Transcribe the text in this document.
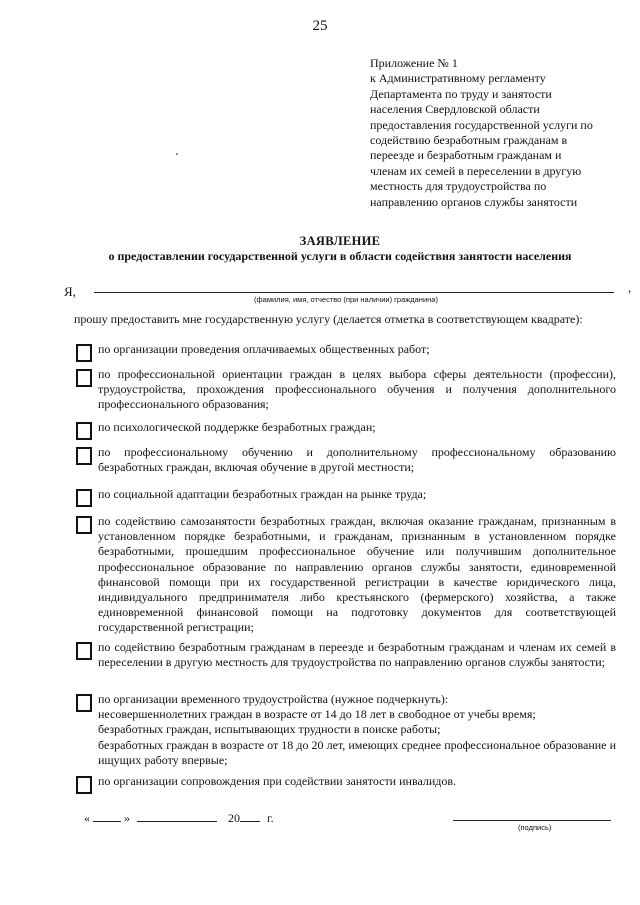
25
Приложение № 1
к Административному регламенту
Департамента по труду и занятости
населения Свердловской области
предоставления государственной услуги по
содействию безработным гражданам в
переезде и безработным гражданам и
членам их семей в переселении в другую
местность для трудоустройства по
направлению органов службы занятости
ЗАЯВЛЕНИЕ
о предоставлении государственной услуги в области содействия занятости населения
Я,	,
(фамилия, имя, отчество (при наличии) гражданина)
прошу предоставить мне государственную услугу (делается отметка в соответствующем квадрате):
по организации проведения оплачиваемых общественных работ;
по профессиональной ориентации граждан в целях выбора сферы деятельности (профессии), трудоустройства, прохождения профессионального обучения и получения дополнительного профессионального образования;
по психологической поддержке безработных граждан;
по профессиональному обучению и дополнительному профессиональному образованию безработных граждан, включая обучение в другой местности;
по социальной адаптации безработных граждан на рынке труда;
по содействию самозанятости безработных граждан, включая оказание гражданам, признанным в установленном порядке безработными, и гражданам, признанным в установленном порядке безработными, прошедшим профессиональное обучение или получившим дополнительное профессиональное образование по направлению органов службы занятости, единовременной финансовой помощи при их государственной регистрации в качестве юридического лица, индивидуального предпринимателя либо крестьянского (фермерского) хозяйства, а также единовременной финансовой помощи на подготовку документов для соответствующей государственной регистрации;
по содействию безработным гражданам в переезде и безработным гражданам и членам их семей в переселении в другую местность для трудоустройства по направлению органов службы занятости;
по организации временного трудоустройства (нужное подчеркнуть):
несовершеннолетних граждан в возрасте от 14 до 18 лет в свободное от учебы время;
безработных граждан, испытывающих трудности в поиске работы;
безработных граждан в возрасте от 18 до 20 лет, имеющих среднее профессиональное образование и ищущих работу впервые;
по организации сопровождения при содействии занятости инвалидов.
«	»	20 г.
(подпись)
